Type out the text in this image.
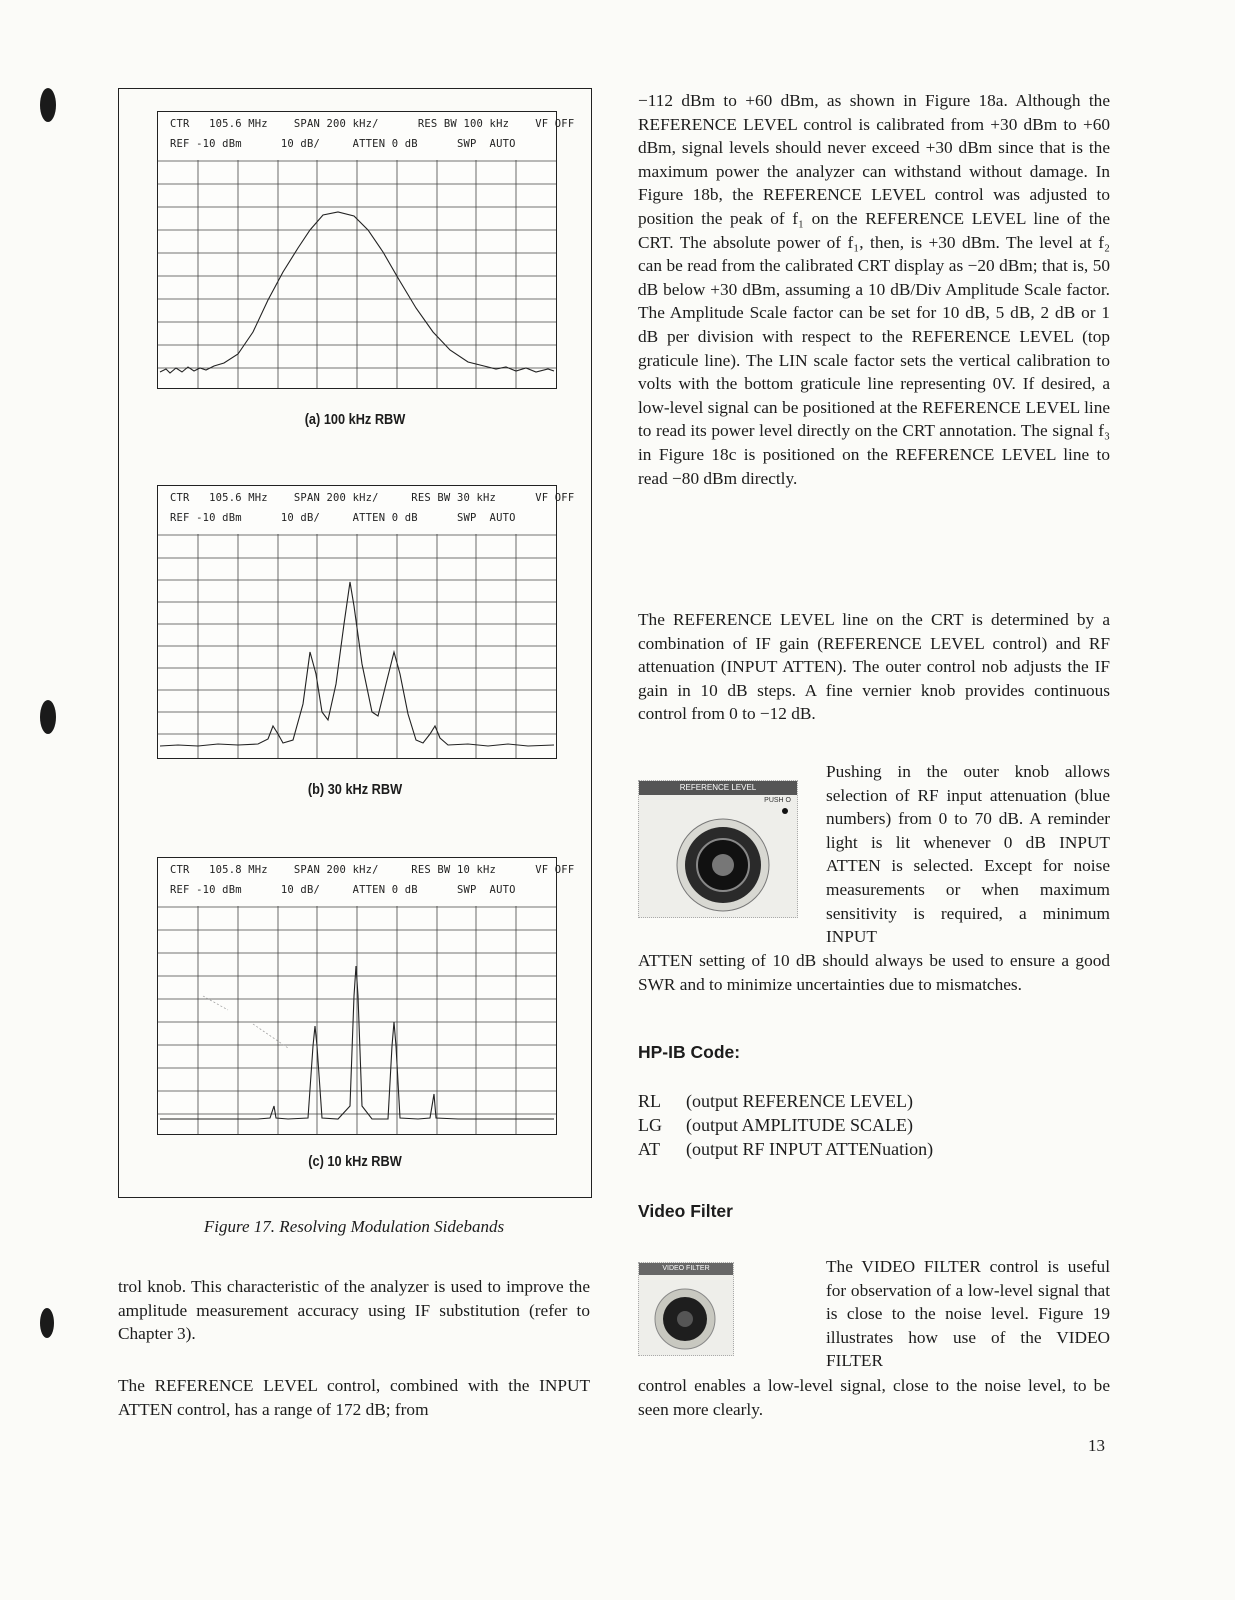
CTR   105.6 MHz    SPAN 200 kHz/      RES BW 100 kHz    VF OFF
REF -10 dBm      10 dB/     ATTEN 0 dB      SWP  AUTO
(a) 100 kHz RBW
CTR   105.6 MHz    SPAN 200 kHz/     RES BW 30 kHz      VF OFF
REF -10 dBm      10 dB/     ATTEN 0 dB      SWP  AUTO
(b) 30 kHz RBW
CTR   105.8 MHz    SPAN 200 kHz/     RES BW 10 kHz      VF OFF
REF -10 dBm      10 dB/     ATTEN 0 dB      SWP  AUTO
(c) 10 kHz RBW
Figure 17. Resolving Modulation Sidebands

trol knob. This characteristic of the analyzer is used to improve the amplitude measurement accuracy using IF substitution (refer to Chapter 3).

The REFERENCE LEVEL control, combined with the INPUT ATTEN control, has a range of 172 dB; from

−112 dBm to +60 dBm, as shown in Figure 18a. Although the REFERENCE LEVEL control is calibrated from +30 dBm to +60 dBm, signal levels should never exceed +30 dBm since that is the maximum power the analyzer can withstand without damage. In Figure 18b, the REFERENCE LEVEL control was adjusted to position the peak of f₁ on the REFERENCE LEVEL line of the CRT. The absolute power of f₁, then, is +30 dBm. The level at f₂ can be read from the calibrated CRT display as −20 dBm; that is, 50 dB below +30 dBm, assuming a 10 dB/Div Amplitude Scale factor. The Amplitude Scale factor can be set for 10 dB, 5 dB, 2 dB or 1 dB per division with respect to the REFERENCE LEVEL (top graticule line). The LIN scale factor sets the vertical calibration to volts with the bottom graticule line representing 0V. If desired, a low-level signal can be positioned at the REFERENCE LEVEL line to read its power level directly on the CRT annotation. The signal f₃ in Figure 18c is positioned on the REFERENCE LEVEL line to read −80 dBm directly.

The REFERENCE LEVEL line on the CRT is determined by a combination of IF gain (REFERENCE LEVEL control) and RF attenuation (INPUT ATTEN). The outer control nob adjusts the IF gain in 10 dB steps. A fine vernier knob provides continuous control from 0 to −12 dB.

REFERENCE LEVEL
PUSH O

Pushing in the outer knob allows selection of RF input attenuation (blue numbers) from 0 to 70 dB. A reminder light is lit whenever 0 dB INPUT ATTEN is selected. Except for noise measurements or when maximum sensitivity is required, a minimum INPUT

ATTEN setting of 10 dB should always be used to ensure a good SWR and to minimize uncertainties due to mismatches.

HP-IB Code:
RL (output REFERENCE LEVEL)
LG (output AMPLITUDE SCALE)
AT (output RF INPUT ATTENuation)
Video Filter
VIDEO FILTER	The VIDEO FILTER control is useful for observation of a low-level signal that is close to the noise level. Figure 19 illustrates how use of the VIDEO FILTER

control enables a low-level signal, close to the noise level, to be seen more clearly.

13
